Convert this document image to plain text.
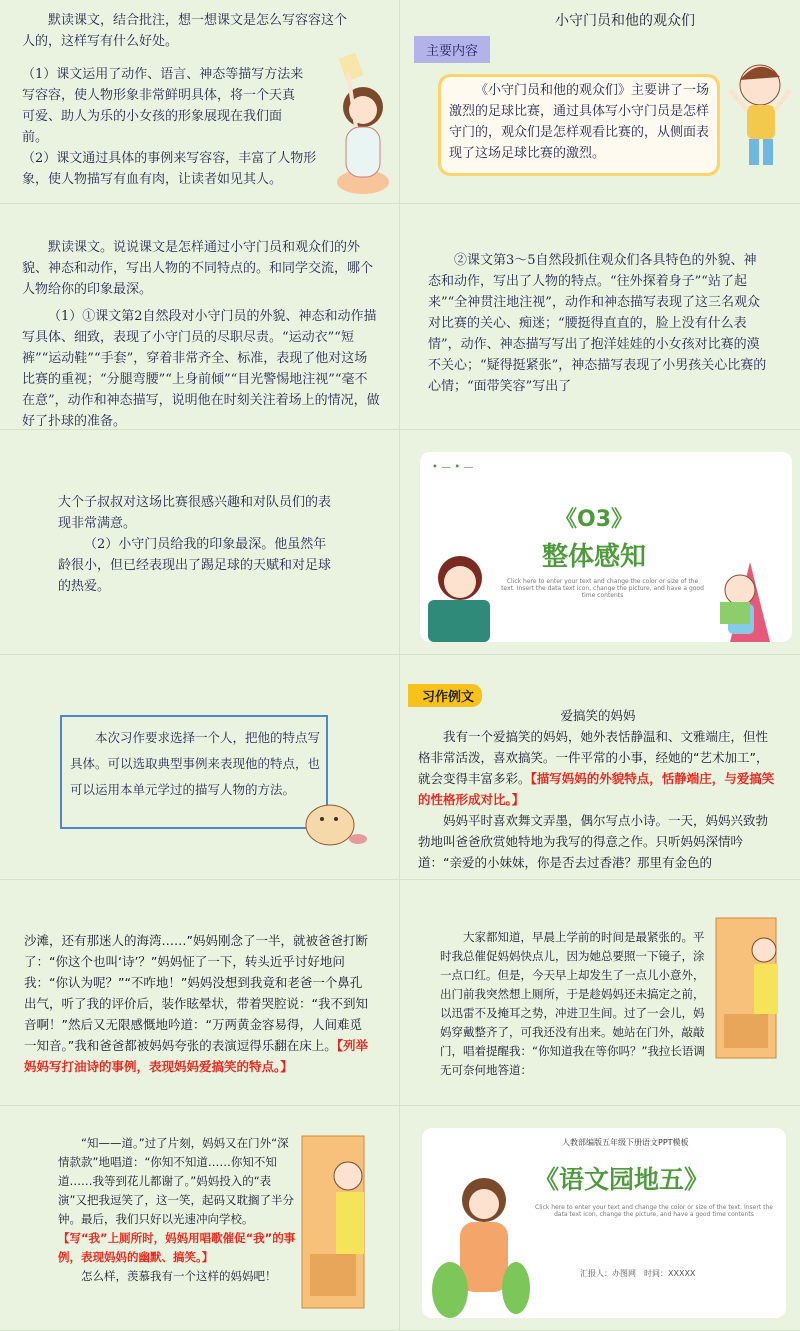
默读课文，结合批注，想一想课文是怎么写容容这个人的，这样写有什么好处。

（1）课文运用了动作、语言、神态等描写方法来写容容，使人物形象非常鲜明具体，将一个天真可爱、助人为乐的小女孩的形象展现在我们面前。

（2）课文通过具体的事例来写容容，丰富了人物形象，使人物描写有血有肉，让读者如见其人。

小守门员和他的观众们
主要内容

《小守门员和他的观众们》主要讲了一场激烈的足球比赛，通过具体写小守门员是怎样守门的，观众们是怎样观看比赛的，从侧面表现了这场足球比赛的激烈。

默读课文。说说课文是怎样通过小守门员和观众们的外貌、神态和动作，写出人物的不同特点的。和同学交流，哪个人物给你的印象最深。

（1）①课文第2自然段对小守门员的外貌、神态和动作描写具体、细致，表现了小守门员的尽职尽责。“运动衣”“短裤”“运动鞋”“手套”，穿着非常齐全、标准，表现了他对这场比赛的重视；“分腿弯腰”“上身前倾”“目光警惕地注视”“毫不在意”，动作和神态描写，说明他在时刻关注着场上的情况，做好了扑球的准备。

②课文第3～5自然段抓住观众们各具特色的外貌、神态和动作，写出了人物的特点。“往外探着身子”“站了起来”“全神贯注地注视”，动作和神态描写表现了这三名观众对比赛的关心、痴迷；“腰挺得直直的，脸上没有什么表情”，动作、神态描写写出了抱洋娃娃的小女孩对比赛的漠不关心；“疑得挺紧张”，神态描写表现了小男孩关心比赛的心情；“面带笑容”写出了

大个子叔叔对这场比赛很感兴趣和对队员们的表现非常满意。

（2）小守门员给我的印象最深。他虽然年龄很小，但已经表现出了踢足球的天赋和对足球的热爱。

• — • —
《O3》
整体感知
Click here to enter your text and change the color or size of the text. Insert the data text icon, change the picture, and have a good time contents

本次习作要求选择一个人，把他的特点写具体。可以选取典型事例来表现他的特点，也可以运用本单元学过的描写人物的方法。

习作例文

爱搞笑的妈妈

我有一个爱搞笑的妈妈，她外表恬静温和、文雅端庄，但性格非常活泼，喜欢搞笑。一件平常的小事，经她的“艺术加工”，就会变得丰富多彩。【描写妈妈的外貌特点，恬静端庄，与爱搞笑的性格形成对比。】

妈妈平时喜欢舞文弄墨，偶尔写点小诗。一天，妈妈兴致勃勃地叫爸爸欣赏她特地为我写的得意之作。只听妈妈深情吟道：“亲爱的小妹妹，你是否去过香港？那里有金色的

沙滩，还有那迷人的海湾……”妈妈刚念了一半，就被爸爸打断了：“你这个也叫‘诗’？”妈妈怔了一下，转头近乎讨好地问我：“你认为呢？”“不咋地！”妈妈没想到我竟和老爸一个鼻孔出气，听了我的评价后，装作眩晕状，带着哭腔说：“我不到知音啊！”然后又无限感慨地吟道：“万两黄金容易得，人间难觅一知音。”我和爸爸都被妈妈夸张的表演逗得乐翻在床上。【列举妈妈写打油诗的事例，表现妈妈爱搞笑的特点。】

大家都知道，早晨上学前的时间是最紧张的。平时我总催促妈妈快点儿，因为她总要照一下镜子，涂一点口红。但是，今天早上却发生了一点儿小意外，出门前我突然想上厕所，于是趁妈妈还未搞定之前，以迅雷不及掩耳之势，冲进卫生间。过了一会儿，妈妈穿戴整齐了，可我还没有出来。她站在门外，敲敲门，唱着提醒我：“你知道我在等你吗？”我拉长语调无可奈何地答道：

“知——道。”过了片刻，妈妈又在门外“深情款款”地唱道：“你知不知道……你知不知道……我等到花儿都谢了。”妈妈投入的“表演”又把我逗笑了，这一笑，起码又耽搁了半分钟。最后，我们只好以光速冲向学校。【写“我”上厕所时，妈妈用唱歌催促“我”的事例，表现妈妈的幽默、搞笑。】

怎么样，羡慕我有一个这样的妈妈吧！

人教部编版五年级下册语文PPT模板
《语文园地五》
Click here to enter your text and change the color or size of the text. Insert the data text icon, change the picture, and have a good time contents
汇报人：办图网 时间：XXXXX
